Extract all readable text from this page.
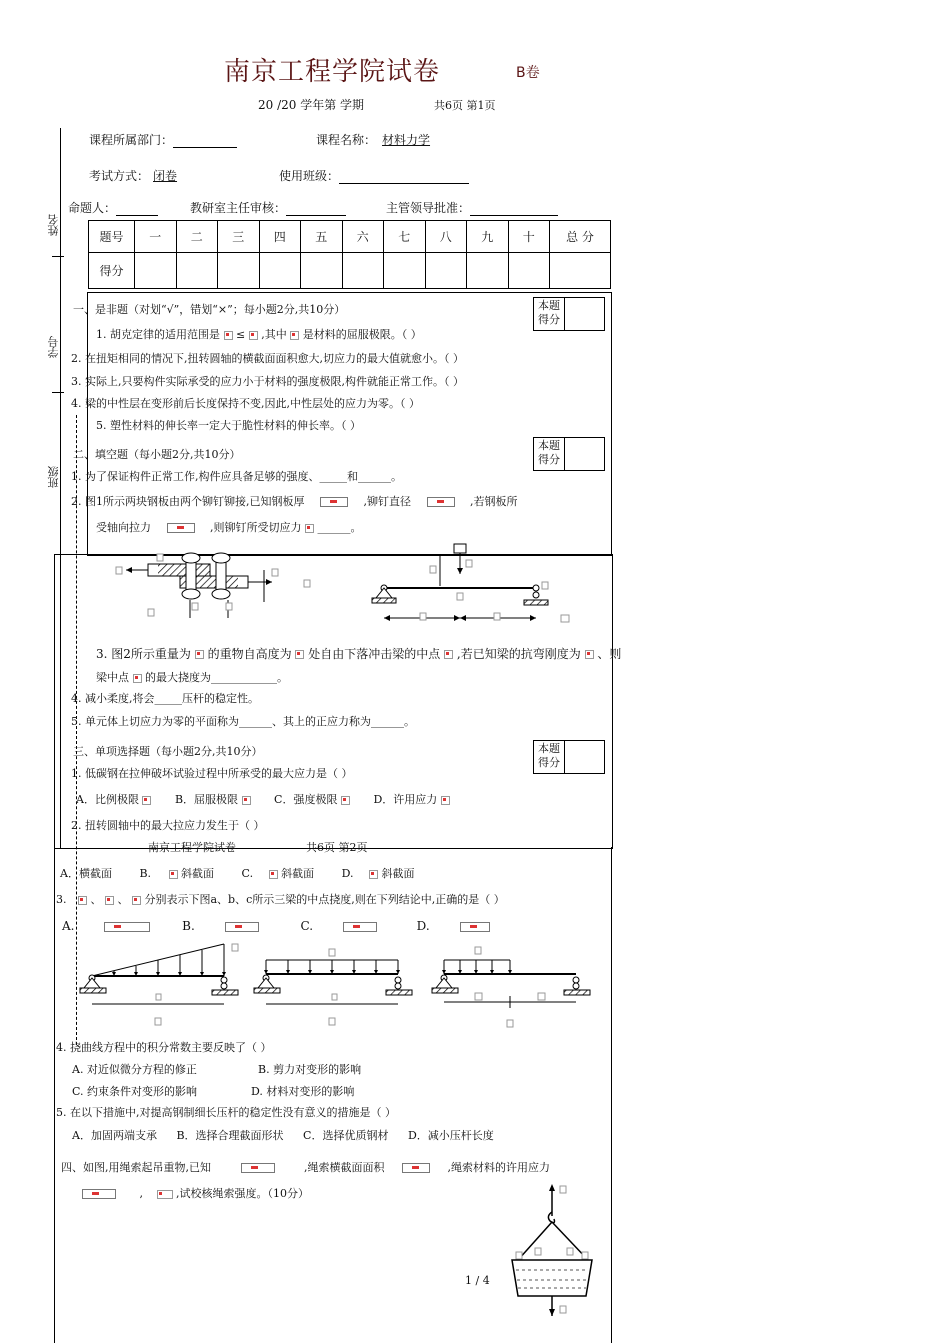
南京工程学院试卷	B卷
20 /20 学年第 学期	共6页 第1页
课程所属部门：	课程名称： 材料力学
考试方式： 闭卷	使用班级：
命题人：	教研室主任审核：	主管领导批准：
姓名
学号
班级
题号	一	二	三	四	五	六	七	八	九	十	总 分
得分											
一、是非题（对划“√”，错划“×”；每小题2分,共10分）	本题
得分
1. 胡克定律的适用范围是 ≤ ,其中 是材料的屈服极限。（ ）
2. 在扭矩相同的情况下,扭转圆轴的横截面面积愈大,切应力的最大值就愈小。（ ）
3. 实际上,只要构件实际承受的应力小于材料的强度极限,构件就能正常工作。（ ）
4. 梁的中性层在变形前后长度保持不变,因此,中性层处的应力为零。（ ）
5. 塑性材料的伸长率一定大于脆性材料的伸长率。（ ）
二、填空题（每小题2分,共10分）
本题
得分
1. 为了保证构件正常工作,构件应具备足够的强度、_____和______。
2. 图1所示两块钢板由两个铆钉铆接,已知钢板厚	,铆钉直径	,若钢板所
受轴向拉力	,则铆钉所受切应力 ______。
3. 图2所示重量为 的重物自高度为 处自由下落冲击梁的中点 ,若已知梁的抗弯刚度为 、则
梁中点 的最大挠度为____________。
4. 减小柔度,将会_____压杆的稳定性。
5. 单元体上切应力为零的平面称为______、其上的正应力称为______。
三、单项选择题（每小题2分,共10分）	本题
得分
1. 低碳钢在拉伸破坏试验过程中所承受的最大应力是（ ）
A．比例极限	B．屈服极限	C．强度极限	D．许用应力
2. 扭转圆轴中的最大拉应力发生于（ ）
南京工程学院试卷	共6页 第2页
A．横截面	B.	斜截面	C.	斜截面	D.	斜截面
3.  、  、  分别表示下图a、b、c所示三梁的中点挠度,则在下列结论中,正确的是（ ）
A.	B.	C.	D.
4. 挠曲线方程中的积分常数主要反映了（ ）
A. 对近似微分方程的修正	B. 剪力对变形的影响
C. 约束条件对变形的影响	D. 材料对变形的影响
5. 在以下措施中,对提高钢制细长压杆的稳定性没有意义的措施是（ ）
A．加固两端支承 B．选择合理截面形状 C．选择优质钢材 D．减小压杆长度
四、如图,用绳索起吊重物,已知	,绳索横截面面积	,绳索材料的许用应力
,	,试校核绳索强度。（10分）
1 / 4
